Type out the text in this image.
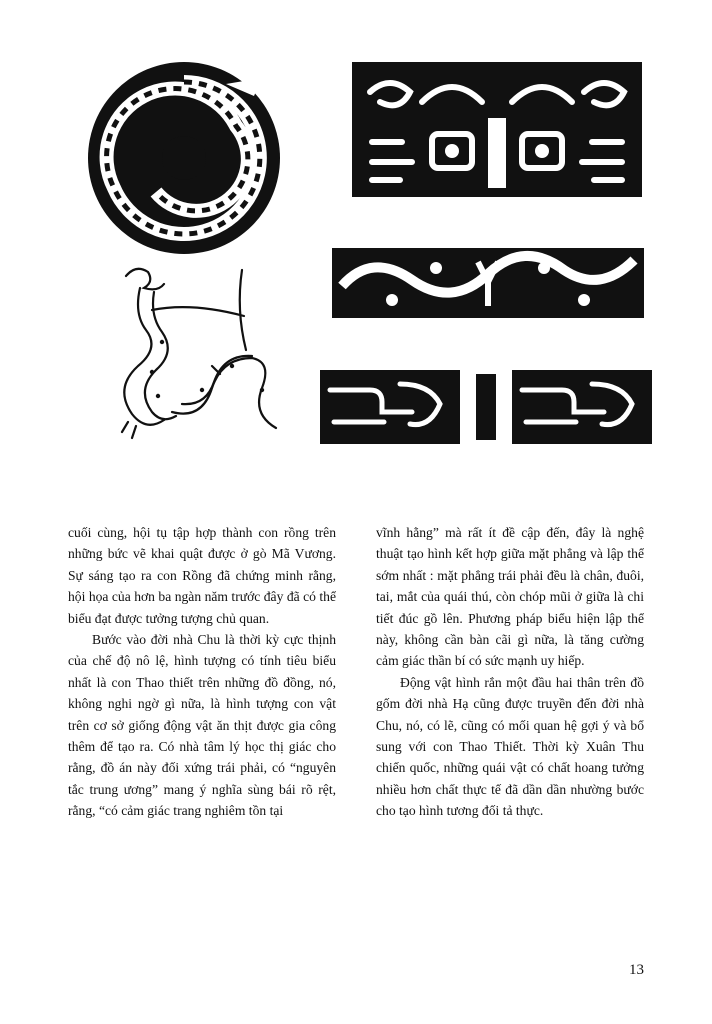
cuối cùng, hội tụ tập hợp thành con rồng trên những bức vẽ khai quật được ở gò Mã Vương. Sự sáng tạo ra con Rồng đã chứng minh rằng, hội họa của hơn ba ngàn năm trước đây đã có thể biểu đạt được tưởng tượng chủ quan.

Bước vào đời nhà Chu là thời kỳ cực thịnh của chế độ nô lệ, hình tượng có tính tiêu biểu nhất là con Thao thiết trên những đồ đồng, nó, không nghi ngờ gì nữa, là hình tượng con vật trên cơ sở giống động vật ăn thịt được gia công thêm để tạo ra. Có nhà tâm lý học thị giác cho rằng, đồ án này đối xứng trái phải, có “nguyên tắc trung ương” mang ý nghĩa sùng bái rõ rệt, rằng, “có cảm giác trang nghiêm tồn tại

vĩnh hằng” mà rất ít đề cập đến, đây là nghệ thuật tạo hình kết hợp giữa mặt phẳng và lập thể sớm nhất : mặt phẳng trái phải đều là chân, đuôi, tai, mắt của quái thú, còn chóp mũi ở giữa là chi tiết đúc gồ lên. Phương pháp biểu hiện lập thể này, không cần bàn cãi gì nữa, là tăng cường cảm giác thần bí có sức mạnh uy hiếp.

Động vật hình rắn một đầu hai thân trên đồ gốm đời nhà Hạ cũng được truyền đến đời nhà Chu, nó, có lẽ, cũng có mối quan hệ gợi ý và bổ sung với con Thao Thiết. Thời kỳ Xuân Thu chiến quốc, những quái vật có chất hoang tưởng nhiều hơn chất thực tế đã dần dần nhường bước cho tạo hình tương đối tả thực.

13
